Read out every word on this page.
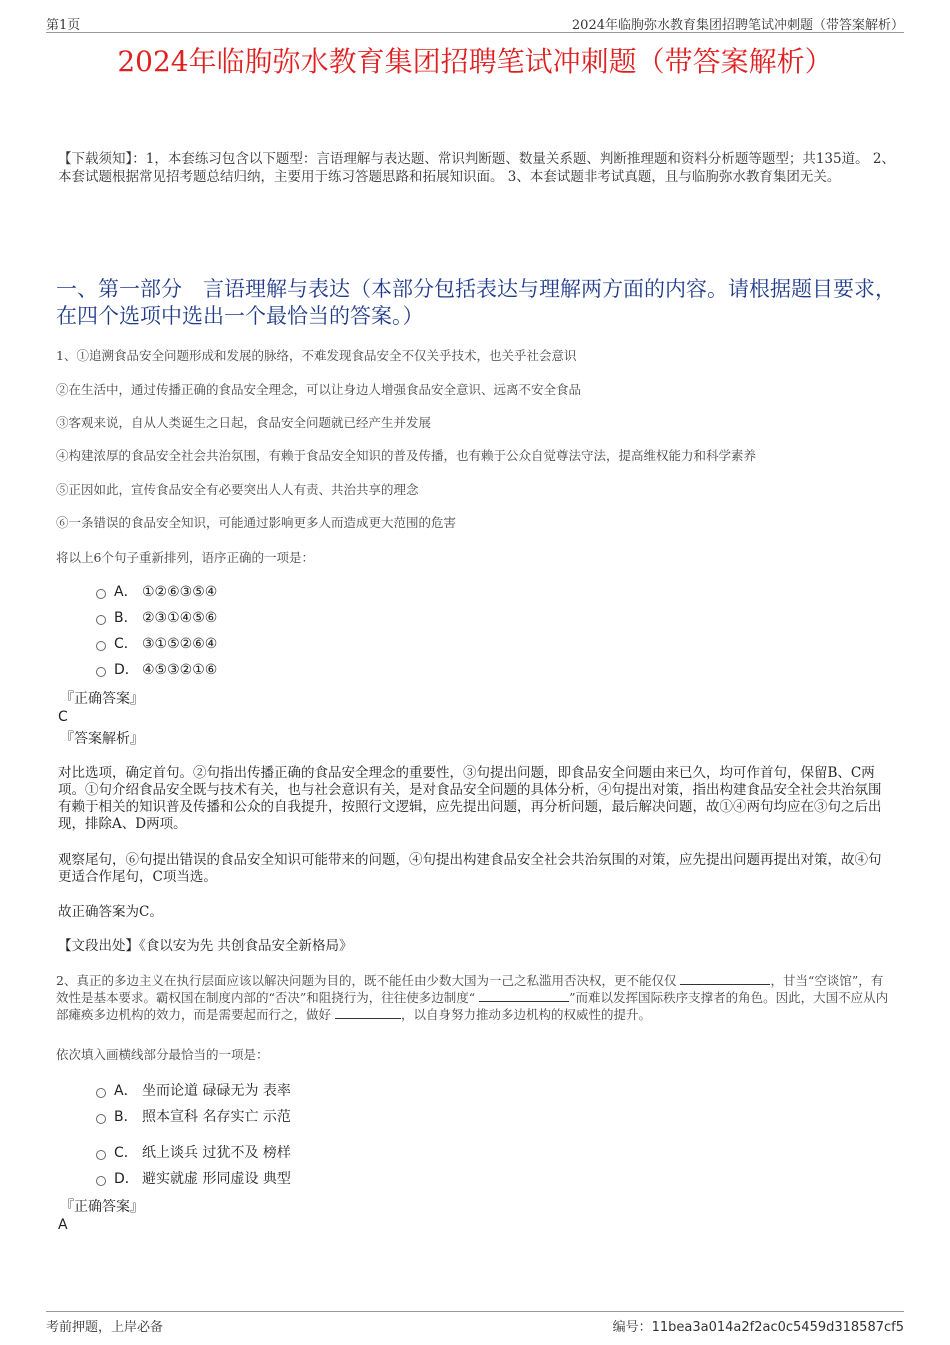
第1页	2024年临朐弥水教育集团招聘笔试冲刺题（带答案解析）
2024年临朐弥水教育集团招聘笔试冲刺题（带答案解析）
【下载须知】：1，本套练习包含以下题型：言语理解与表达题、常识判断题、数量关系题、判断推理题和资料分析题等题型；共135道。 2、本套试题根据常见招考题总结归纳，主要用于练习答题思路和拓展知识面。 3、本套试题非考试真题，且与临朐弥水教育集团无关。
一、第一部分　言语理解与表达（本部分包括表达与理解两方面的内容。请根据题目要求，在四个选项中选出一个最恰当的答案。）
1、①追溯食品安全问题形成和发展的脉络，不难发现食品安全不仅关乎技术，也关乎社会意识
②在生活中，通过传播正确的食品安全理念，可以让身边人增强食品安全意识、远离不安全食品
③客观来说，自从人类诞生之日起，食品安全问题就已经产生并发展
④构建浓厚的食品安全社会共治氛围，有赖于食品安全知识的普及传播，也有赖于公众自觉尊法守法，提高维权能力和科学素养
⑤正因如此，宣传食品安全有必要突出人人有责、共治共享的理念
⑥一条错误的食品安全知识，可能通过影响更多人而造成更大范围的危害
将以上6个句子重新排列，语序正确的一项是：
A． ①②⑥③⑤④
B． ②③①④⑤⑥
C． ③①⑤②⑥④
D． ④⑤③②①⑥
『正确答案』
C
『答案解析』
对比选项，确定首句。②句指出传播正确的食品安全理念的重要性，③句提出问题，即食品安全问题由来已久，均可作首句，保留B、C两项。①句介绍食品安全既与技术有关，也与社会意识有关，是对食品安全问题的具体分析，④句提出对策，指出构建食品安全社会共治氛围有赖于相关的知识普及传播和公众的自我提升，按照行文逻辑，应先提出问题，再分析问题，最后解决问题，故①④两句均应在③句之后出现，排除A、D两项。
观察尾句，⑥句提出错误的食品安全知识可能带来的问题，④句提出构建食品安全社会共治氛围的对策，应先提出问题再提出对策，故④句更适合作尾句，C项当选。
故正确答案为C。
【文段出处】《食以安为先 共创食品安全新格局》
2、真正的多边主义在执行层面应该以解决问题为目的，既不能任由少数大国为一己之私滥用否决权，更不能仅仅	，甘当“空谈馆”，有效性是基本要求。霸权国在制度内部的“否决”和阻挠行为，往往使多边制度“	”而难以发挥国际秩序支撑者的角色。因此，大国不应从内部瘫痪多边机构的效力，而是需要起而行之，做好	，以自身努力推动多边机构的权威性的提升。
依次填入画横线部分最恰当的一项是：
A． 坐而论道 碌碌无为 表率
B． 照本宣科 名存实亡 示范
C． 纸上谈兵 过犹不及 榜样
D． 避实就虚 形同虚设 典型
『正确答案』
A
考前押题，上岸必备	编号：11bea3a014a2f2ac0c5459d318587cf5
